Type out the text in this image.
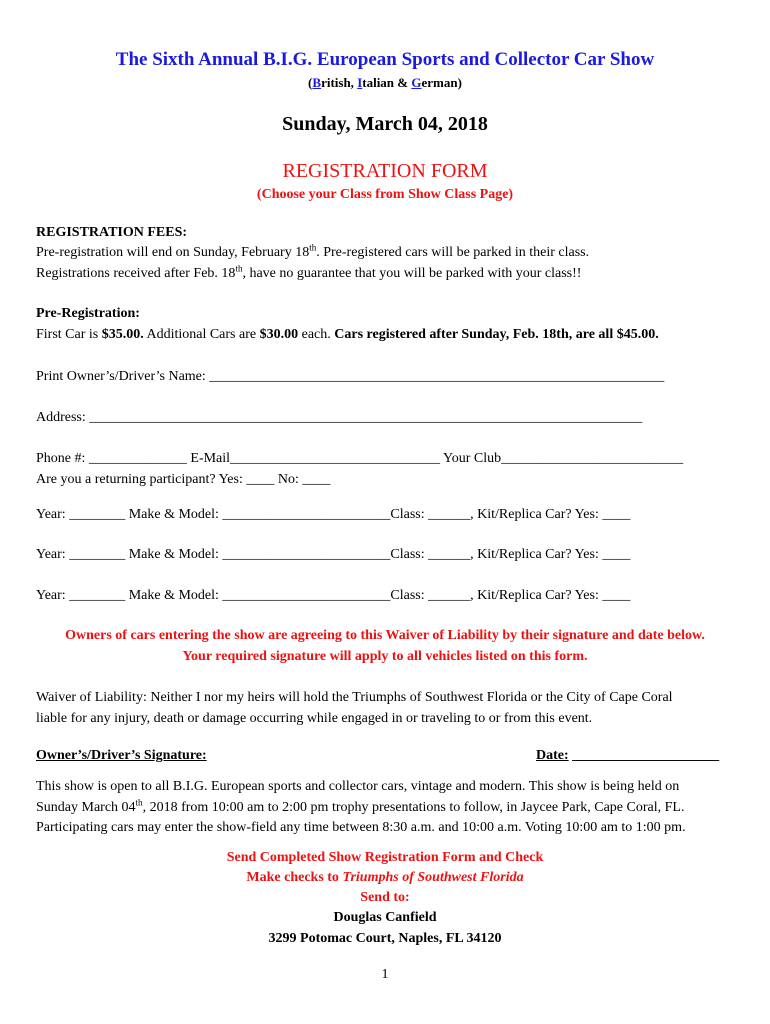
The Sixth Annual B.I.G. European Sports and Collector Car Show
(British, Italian & German)
Sunday, March 04, 2018
REGISTRATION FORM
(Choose your Class from Show Class Page)
REGISTRATION FEES:
Pre-registration will end on Sunday, February 18th. Pre-registered cars will be parked in their class.
Registrations received after Feb. 18th, have no guarantee that you will be parked with your class!!
Pre-Registration:
First Car is $35.00. Additional Cars are $30.00 each. Cars registered after Sunday, Feb. 18th, are all $45.00.
Print Owner’s/Driver’s Name: _________________________________________________________________
Address: _______________________________________________________________________________
Phone #: ______________ E-Mail______________________________ Your Club__________________________
Are you a returning participant? Yes: ____ No: ____
Year: ________ Make & Model: ________________________Class: ______, Kit/Replica Car? Yes: ____
Year: ________ Make & Model: ________________________Class: ______, Kit/Replica Car? Yes: ____
Year: ________ Make & Model: ________________________Class: ______, Kit/Replica Car? Yes: ____
Owners of cars entering the show are agreeing to this Waiver of Liability by their signature and date below.
Your required signature will apply to all vehicles listed on this form.
Waiver of Liability: Neither I nor my heirs will hold the Triumphs of Southwest Florida or the City of Cape Coral
liable for any injury, death or damage occurring while engaged in or traveling to or from this event.
Owner’s/Driver’s Signature:	Date: _____________________
This show is open to all B.I.G. European sports and collector cars, vintage and modern. This show is being held on
Sunday March 04th, 2018 from 10:00 am to 2:00 pm trophy presentations to follow, in Jaycee Park, Cape Coral, FL.
Participating cars may enter the show-field any time between 8:30 a.m. and 10:00 a.m. Voting 10:00 am to 1:00 pm.
Send Completed Show Registration Form and Check
Make checks to Triumphs of Southwest Florida
Send to:
Douglas Canfield
3299 Potomac Court, Naples, FL 34120
1
